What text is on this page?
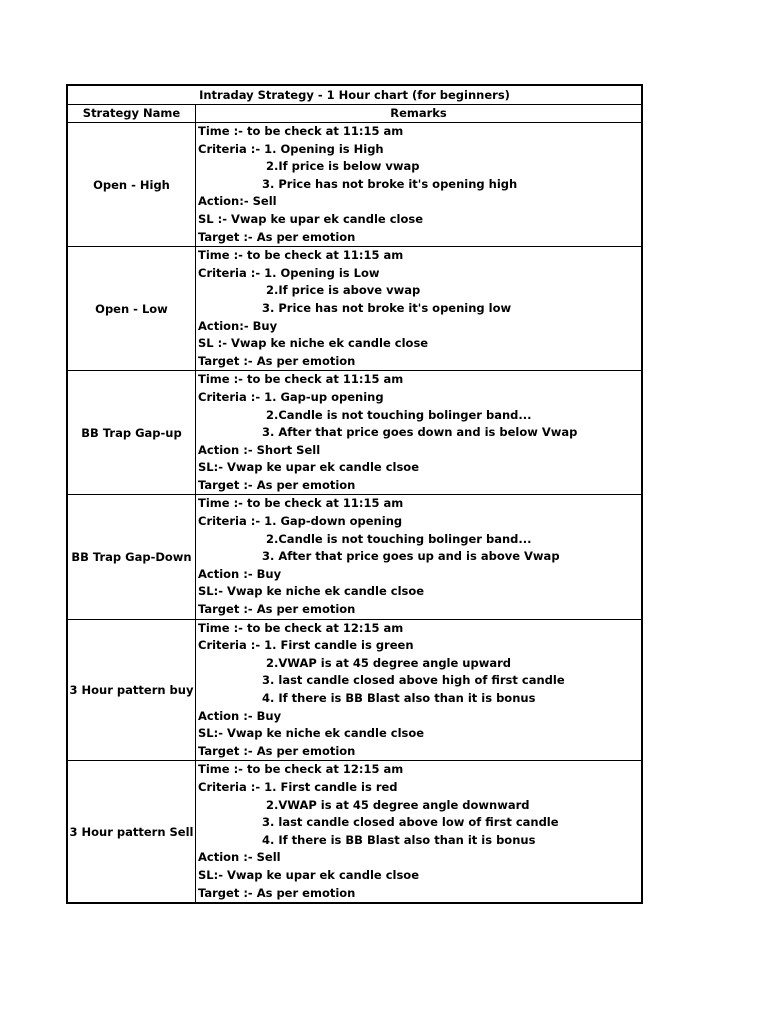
Intraday Strategy - 1 Hour chart (for beginners)
Strategy Name	Remarks
Open - High
Time :- to be check at 11:15 am
Criteria :- 1. Opening is High
2.If price is below vwap
3. Price has not broke it's opening high
Action:- Sell
SL :- Vwap ke upar ek candle close
Target :- As per emotion
Open - Low
Time :- to be check at 11:15 am
Criteria :- 1. Opening is Low
2.If price is above vwap
3. Price has not broke it's opening low
Action:- Buy
SL :- Vwap ke niche ek candle close
Target :- As per emotion
BB Trap Gap-up
Time :- to be check at 11:15 am
Criteria :- 1. Gap-up opening
2.Candle is not touching bolinger band...
3. After that price goes down and is below Vwap
Action :- Short Sell
SL:- Vwap ke upar ek candle clsoe
Target :- As per emotion
BB Trap Gap-Down
Time :- to be check at 11:15 am
Criteria :- 1. Gap-down opening
2.Candle is not touching bolinger band...
3. After that price goes up and is above Vwap
Action :- Buy
SL:- Vwap ke niche ek candle clsoe
Target :- As per emotion
3 Hour pattern buy
Time :- to be check at 12:15 am
Criteria :- 1. First candle is green
2.VWAP is at 45 degree angle upward
3. last candle closed above high of first candle
4. If there is BB Blast also than it is bonus
Action :- Buy
SL:- Vwap ke niche ek candle clsoe
Target :- As per emotion
3 Hour pattern Sell
Time :- to be check at 12:15 am
Criteria :- 1. First candle is red
2.VWAP is at 45 degree angle downward
3. last candle closed above low of first candle
4. If there is BB Blast also than it is bonus
Action :- Sell
SL:- Vwap ke upar ek candle clsoe
Target :- As per emotion
